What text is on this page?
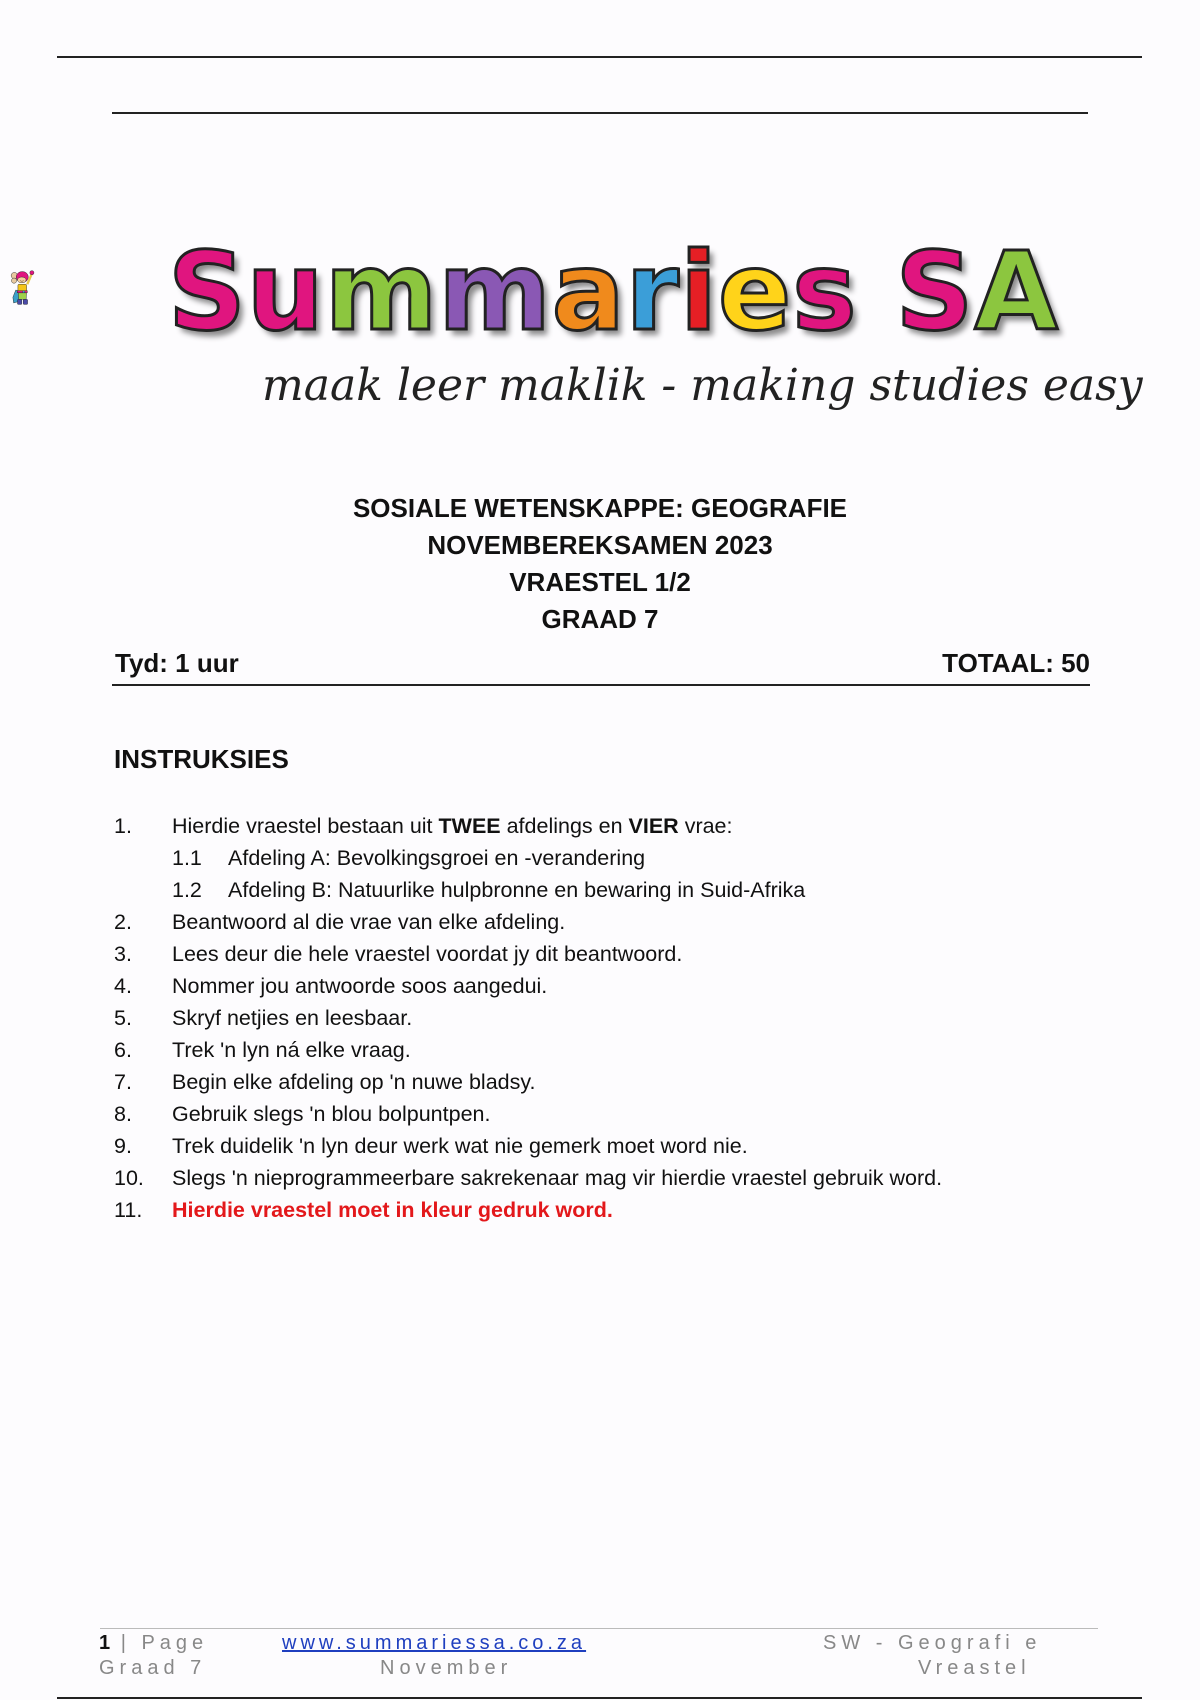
Summaries SA
maak leer maklik - making studies easy
SOSIALE WETENSKAPPE: GEOGRAFIE
NOVEMBEREKSAMEN 2023
VRAESTEL 1/2
GRAAD 7
Tyd: 1 uur	TOTAAL: 50
INSTRUKSIES
1. Hierdie vraestel bestaan uit TWEE afdelings en VIER vrae:
1.1 Afdeling A: Bevolkingsgroei en -verandering
1.2 Afdeling B: Natuurlike hulpbronne en bewaring in Suid-Afrika
2. Beantwoord al die vrae van elke afdeling.
3. Lees deur die hele vraestel voordat jy dit beantwoord.
4. Nommer jou antwoorde soos aangedui.
5. Skryf netjies en leesbaar.
6. Trek 'n lyn ná elke vraag.
7. Begin elke afdeling op 'n nuwe bladsy.
8. Gebruik slegs 'n blou bolpuntpen.
9. Trek duidelik 'n lyn deur werk wat nie gemerk moet word nie.
10. Slegs 'n nieprogrammeerbare sakrekenaar mag vir hierdie vraestel gebruik word.
11. Hierdie vraestel moet in kleur gedruk word.
1 | Page
Graad 7
www.summariessa.co.za
November
SW - Geografi e
Vreastel
